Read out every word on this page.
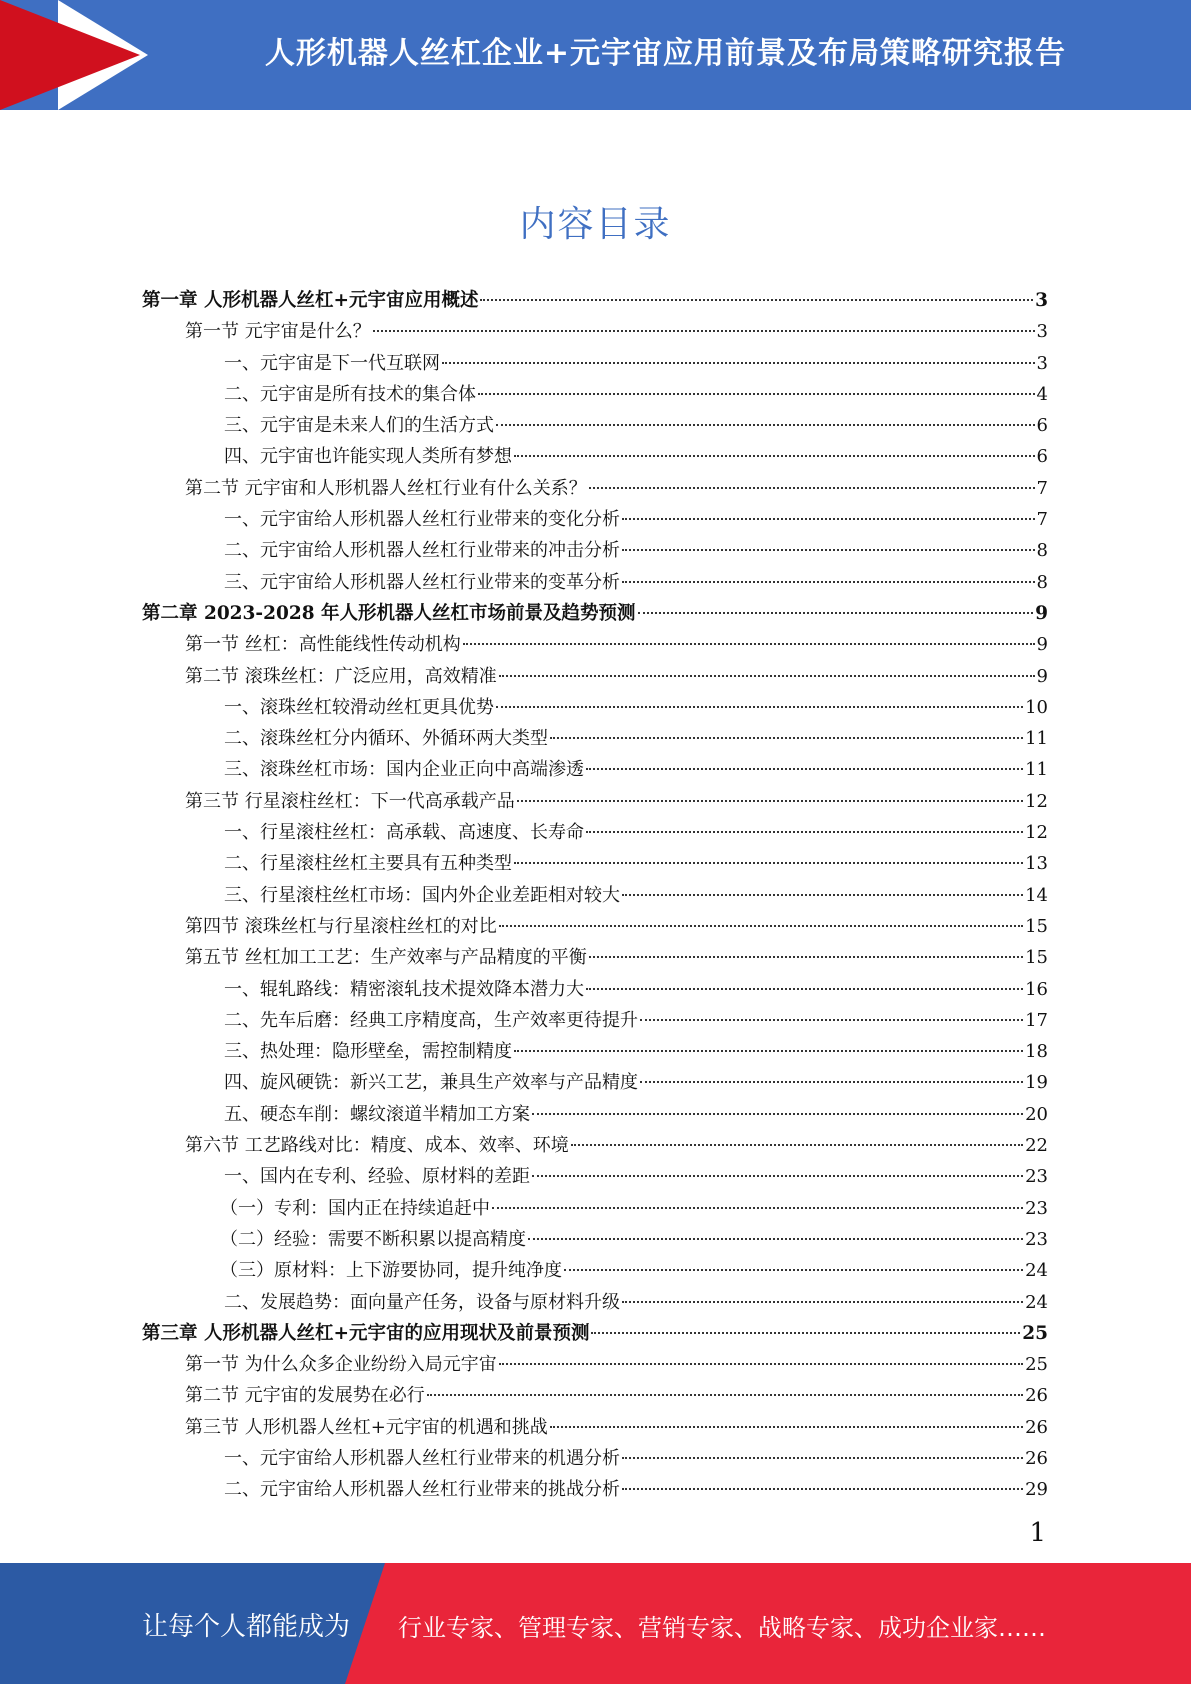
人形机器人丝杠企业+元宇宙应用前景及布局策略研究报告
内容目录
第一章 人形机器人丝杠+元宇宙应用概述	3
第一节 元宇宙是什么？	3
一、元宇宙是下一代互联网	3
二、元宇宙是所有技术的集合体	4
三、元宇宙是未来人们的生活方式	6
四、元宇宙也许能实现人类所有梦想	6
第二节 元宇宙和人形机器人丝杠行业有什么关系？	7
一、元宇宙给人形机器人丝杠行业带来的变化分析	7
二、元宇宙给人形机器人丝杠行业带来的冲击分析	8
三、元宇宙给人形机器人丝杠行业带来的变革分析	8
第二章 2023-2028 年人形机器人丝杠市场前景及趋势预测	9
第一节 丝杠：高性能线性传动机构	9
第二节 滚珠丝杠：广泛应用，高效精准	9
一、滚珠丝杠较滑动丝杠更具优势	10
二、滚珠丝杠分内循环、外循环两大类型	11
三、滚珠丝杠市场：国内企业正向中高端渗透	11
第三节 行星滚柱丝杠：下一代高承载产品	12
一、行星滚柱丝杠：高承载、高速度、长寿命	12
二、行星滚柱丝杠主要具有五种类型	13
三、行星滚柱丝杠市场：国内外企业差距相对较大	14
第四节 滚珠丝杠与行星滚柱丝杠的对比	15
第五节 丝杠加工工艺：生产效率与产品精度的平衡	15
一、辊轧路线：精密滚轧技术提效降本潜力大	16
二、先车后磨：经典工序精度高，生产效率更待提升	17
三、热处理：隐形壁垒，需控制精度	18
四、旋风硬铣：新兴工艺，兼具生产效率与产品精度	19
五、硬态车削：螺纹滚道半精加工方案	20
第六节 工艺路线对比：精度、成本、效率、环境	22
一、国内在专利、经验、原材料的差距	23
（一）专利：国内正在持续追赶中	23
（二）经验：需要不断积累以提高精度	23
（三）原材料：上下游要协同，提升纯净度	24
二、发展趋势：面向量产任务，设备与原材料升级	24
第三章 人形机器人丝杠+元宇宙的应用现状及前景预测	25
第一节 为什么众多企业纷纷入局元宇宙	25
第二节 元宇宙的发展势在必行	26
第三节 人形机器人丝杠+元宇宙的机遇和挑战	26
一、元宇宙给人形机器人丝杠行业带来的机遇分析	26
二、元宇宙给人形机器人丝杠行业带来的挑战分析	29
1
让每个人都能成为 行业专家、管理专家、营销专家、战略专家、成功企业家……
